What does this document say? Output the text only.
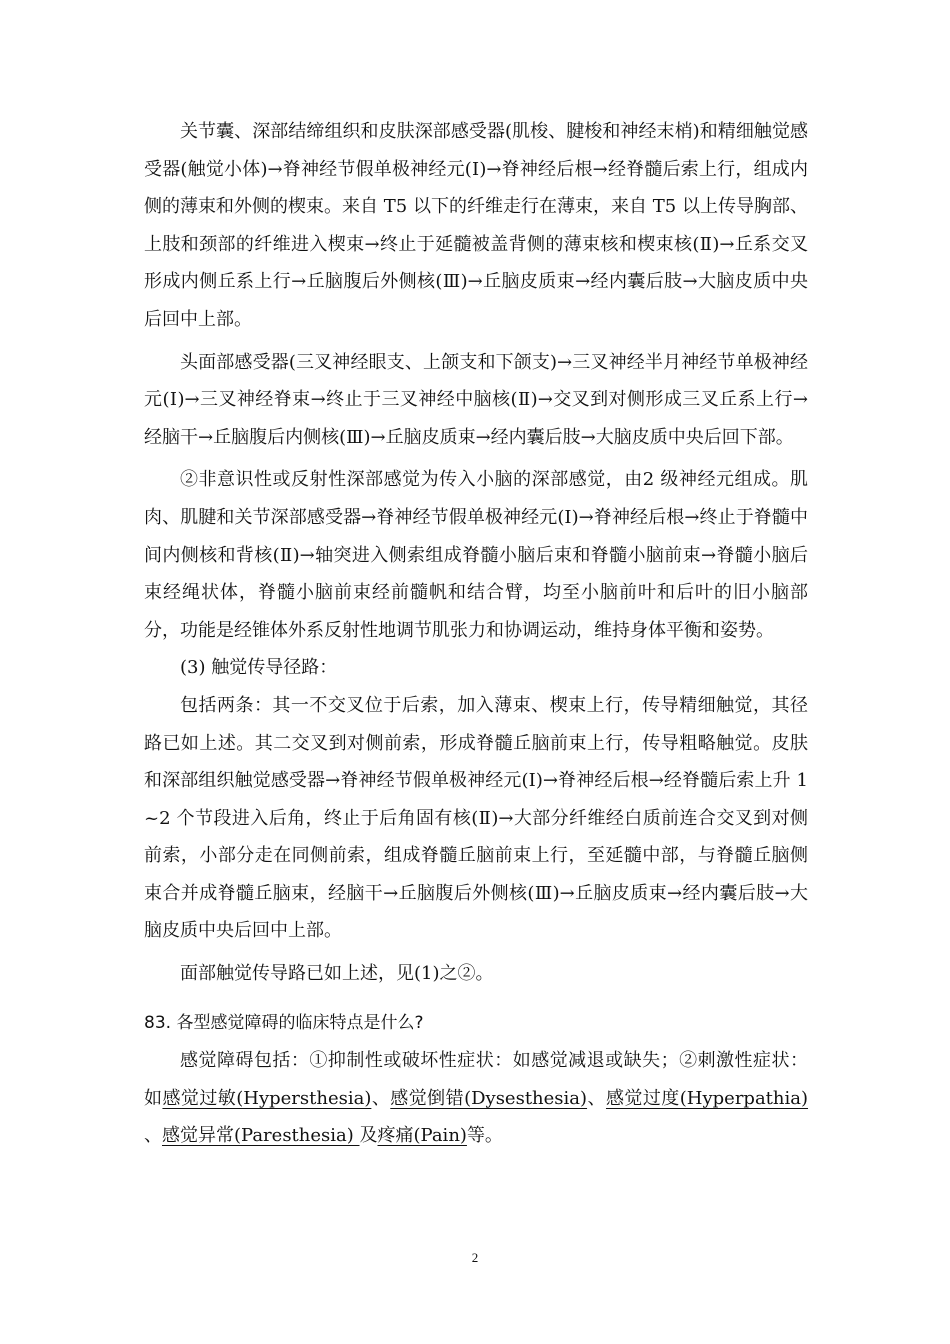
关节囊、深部结缔组织和皮肤深部感受器(肌梭、腱梭和神经末梢)和精细触觉感受器(触觉小体)→脊神经节假单极神经元(Ⅰ)→脊神经后根→经脊髓后索上行，组成内侧的薄束和外侧的楔束。来自 T5 以下的纤维走行在薄束，来自 T5 以上传导胸部、上肢和颈部的纤维进入楔束→终止于延髓被盖背侧的薄束核和楔束核(Ⅱ)→丘系交叉形成内侧丘系上行→丘脑腹后外侧核(Ⅲ)→丘脑皮质束→经内囊后肢→大脑皮质中央后回中上部。

头面部感受器(三叉神经眼支、上颌支和下颌支)→三叉神经半月神经节单极神经元(Ⅰ)→三叉神经脊束→终止于三叉神经中脑核(Ⅱ)→交叉到对侧形成三叉丘系上行→经脑干→丘脑腹后内侧核(Ⅲ)→丘脑皮质束→经内囊后肢→大脑皮质中央后回下部。

②非意识性或反射性深部感觉为传入小脑的深部感觉，由2 级神经元组成。肌肉、肌腱和关节深部感受器→脊神经节假单极神经元(Ⅰ)→脊神经后根→终止于脊髓中间内侧核和背核(Ⅱ)→轴突进入侧索组成脊髓小脑后束和脊髓小脑前束→脊髓小脑后束经绳状体，脊髓小脑前束经前髓帆和结合臂，均至小脑前叶和后叶的旧小脑部分，功能是经锥体外系反射性地调节肌张力和协调运动，维持身体平衡和姿势。

(3) 触觉传导径路：

包括两条：其一不交叉位于后索，加入薄束、楔束上行，传导精细触觉，其径路已如上述。其二交叉到对侧前索，形成脊髓丘脑前束上行，传导粗略触觉。皮肤和深部组织触觉感受器→脊神经节假单极神经元(Ⅰ)→脊神经后根→经脊髓后索上升 1~2 个节段进入后角，终止于后角固有核(Ⅱ)→大部分纤维经白质前连合交叉到对侧前索，小部分走在同侧前索，组成脊髓丘脑前束上行，至延髓中部，与脊髓丘脑侧束合并成脊髓丘脑束，经脑干→丘脑腹后外侧核(Ⅲ)→丘脑皮质束→经内囊后肢→大脑皮质中央后回中上部。

面部触觉传导路已如上述，见(1)之②。

83. 各型感觉障碍的临床特点是什么?

感觉障碍包括：①抑制性或破坏性症状：如感觉减退或缺失；②刺激性症状：如感觉过敏(Hypersthesia)、感觉倒错(Dysesthesia)、感觉过度(Hyperpathia) 、感觉异常(Paresthesia) 及疼痛(Pain)等。

2
